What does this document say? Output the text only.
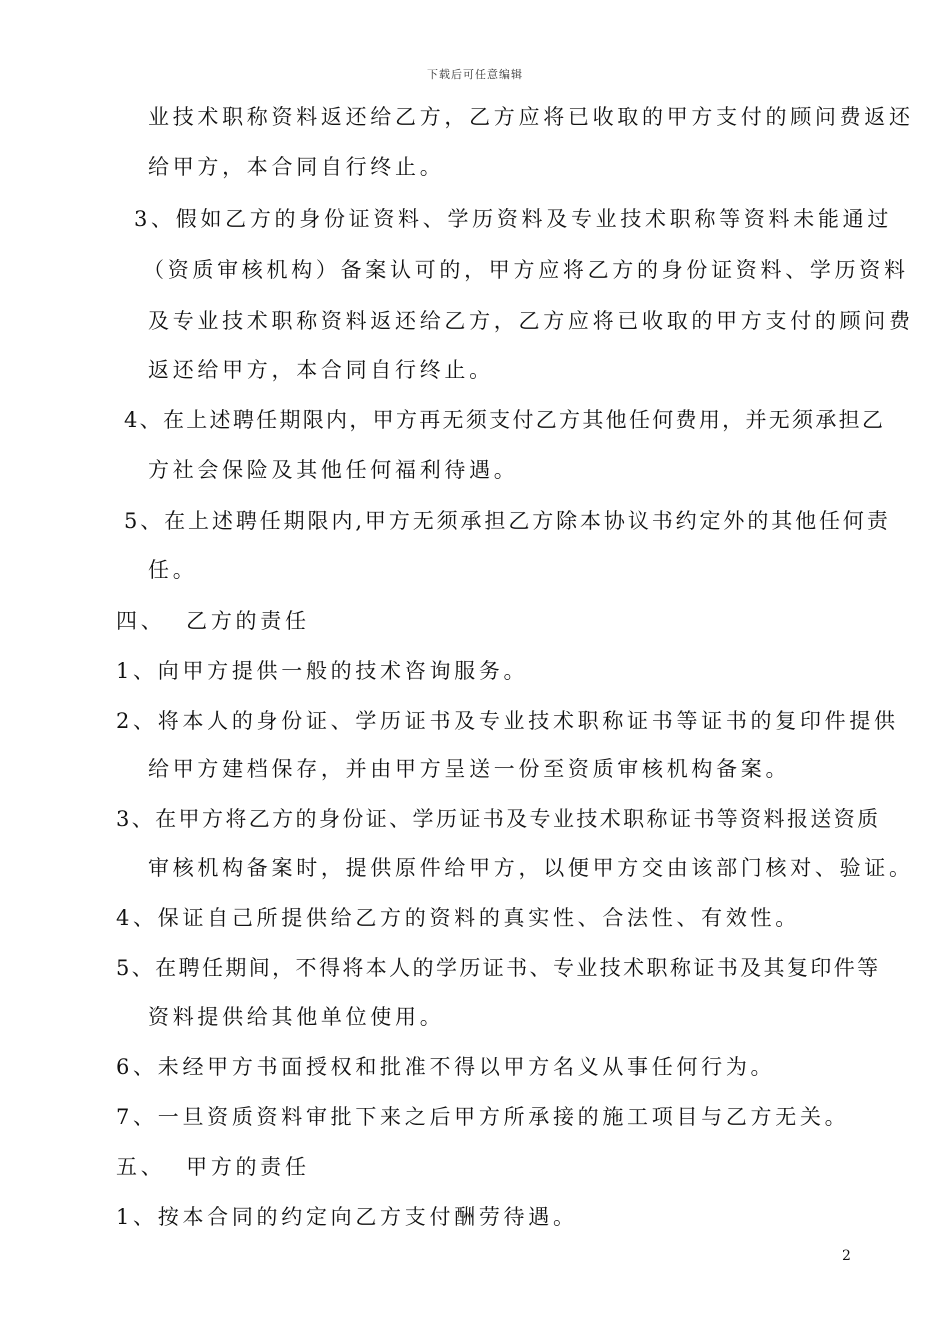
下载后可任意编辑
业技术职称资料返还给乙方，乙方应将已收取的甲方支付的顾问费返还
给甲方，本合同自行终止。
3、假如乙方的身份证资料、学历资料及专业技术职称等资料未能通过
（资质审核机构）备案认可的，甲方应将乙方的身份证资料、学历资料
及专业技术职称资料返还给乙方，乙方应将已收取的甲方支付的顾问费
返还给甲方，本合同自行终止。
4、在上述聘任期限内，甲方再无须支付乙方其他任何费用，并无须承担乙
方社会保险及其他任何福利待遇。
5、在上述聘任期限内,甲方无须承担乙方除本协议书约定外的其他任何责
任。
四、  乙方的责任
1、向甲方提供一般的技术咨询服务。
2、将本人的身份证、学历证书及专业技术职称证书等证书的复印件提供
给甲方建档保存，并由甲方呈送一份至资质审核机构备案。
3、在甲方将乙方的身份证、学历证书及专业技术职称证书等资料报送资质
审核机构备案时，提供原件给甲方，以便甲方交由该部门核对、验证。
4、保证自己所提供给乙方的资料的真实性、合法性、有效性。
5、在聘任期间，不得将本人的学历证书、专业技术职称证书及其复印件等
资料提供给其他单位使用。
6、未经甲方书面授权和批准不得以甲方名义从事任何行为。
7、一旦资质资料审批下来之后甲方所承接的施工项目与乙方无关。
五、  甲方的责任
1、按本合同的约定向乙方支付酬劳待遇。
2
